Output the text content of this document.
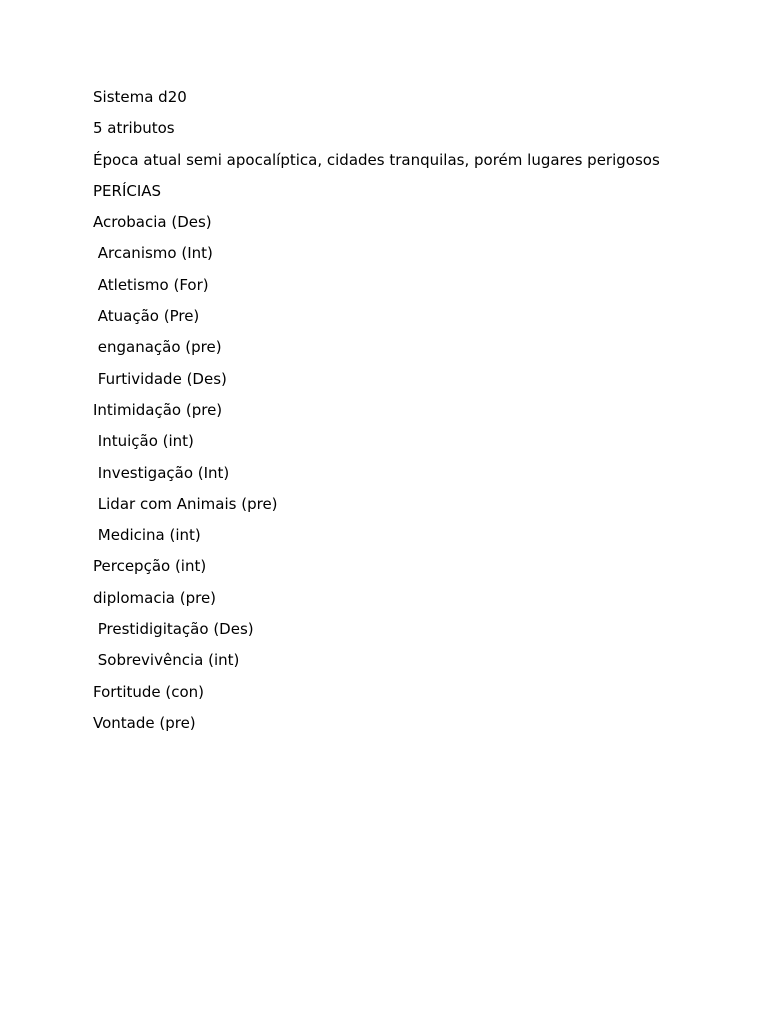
Sistema d20
5 atributos
Época atual semi apocalíptica, cidades tranquilas, porém lugares perigosos
PERÍCIAS
Acrobacia (Des)
Arcanismo (Int)
Atletismo (For)
Atuação (Pre)
enganação (pre)
Furtividade (Des)
Intimidação (pre)
Intuição (int)
Investigação (Int)
Lidar com Animais (pre)
Medicina (int)
Percepção (int)
diplomacia (pre)
Prestidigitação (Des)
Sobrevivência (int)
Fortitude (con)
Vontade (pre)
